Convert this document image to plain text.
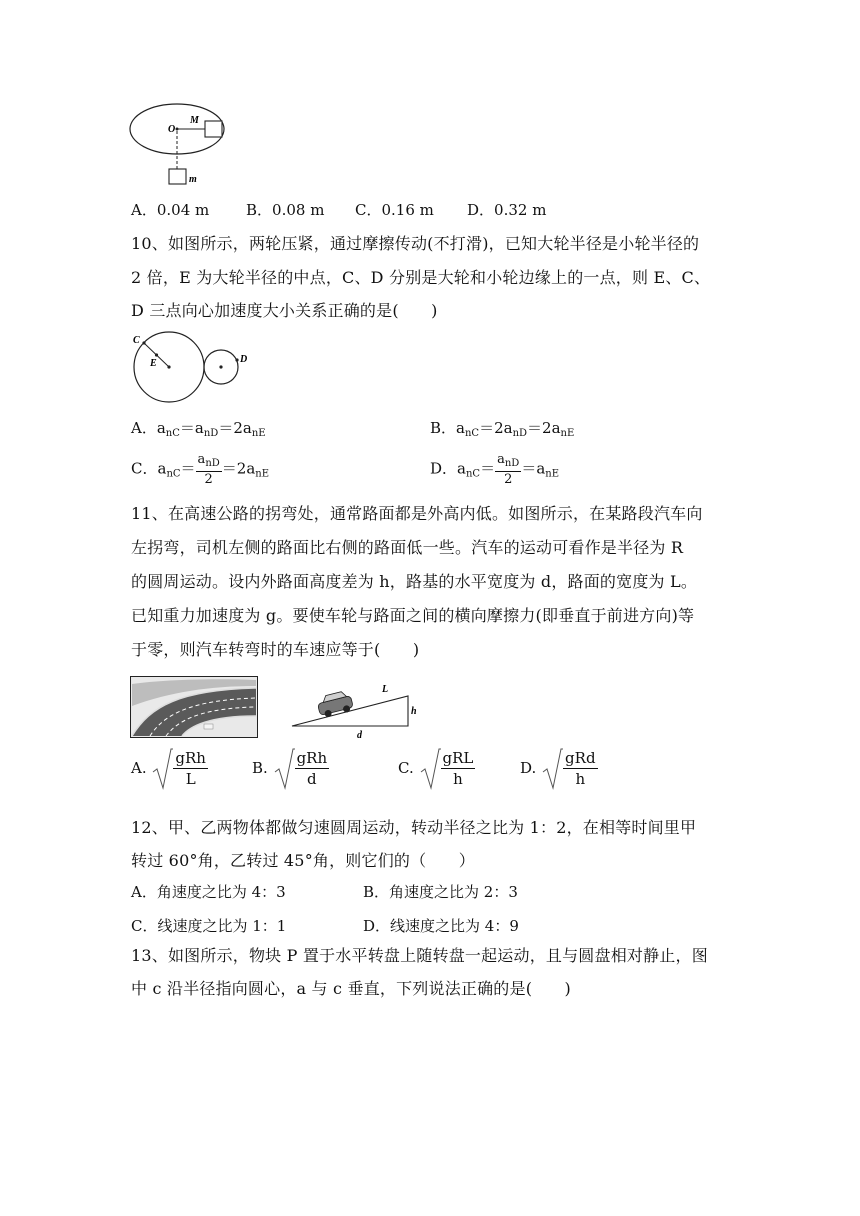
O
M
m
A．0.04 m B．0.08 m C．0.16 m D．0.32 m
10、如图所示，两轮压紧，通过摩擦传动(不打滑)，已知大轮半径是小轮半径的
2 倍，E 为大轮半径的中点，C、D 分别是大轮和小轮边缘上的一点，则 E、C、
D 三点向心加速度大小关系正确的是(　　)
C
E	D
A．$a_{nC}=a_{nD}=2a_{nE}$	B．$a_{nC}=2a_{nD}=2a_{nE}$
C．$a_{nC}= \frac{a_{nD}}{2} =2a_{nE}$	D．$a_{nC}= \frac{a_{nD}}{2} =a_{nE}$
11、在高速公路的拐弯处，通常路面都是外高内低。如图所示，在某路段汽车向
左拐弯，司机左侧的路面比右侧的路面低一些。汽车的运动可看作是半径为 R
的圆周运动。设内外路面高度差为 h，路基的水平宽度为 d，路面的宽度为 L。
已知重力加速度为 g。要使车轮与路面之间的横向摩擦力(即垂直于前进方向)等
于零，则汽车转弯时的车速应等于(　　)
L
h
d
A. $\frac{\text{gRh}}{L}$	B. $\frac{\text{gRh}}{d}$	C. $\frac{\text{gRL}}{h}$	D. $\frac{\text{gRd}}{h}$
12、甲、乙两物体都做匀速圆周运动，转动半径之比为 1：2，在相等时间里甲
转过 60°角，乙转过 45°角，则它们的（　　）
A．角速度之比为 4：3	B．角速度之比为 2：3
C．线速度之比为 1：1	D．线速度之比为 4：9
13、如图所示，物块 P 置于水平转盘上随转盘一起运动，且与圆盘相对静止，图
中 c 沿半径指向圆心，a 与 c 垂直，下列说法正确的是(　　)
